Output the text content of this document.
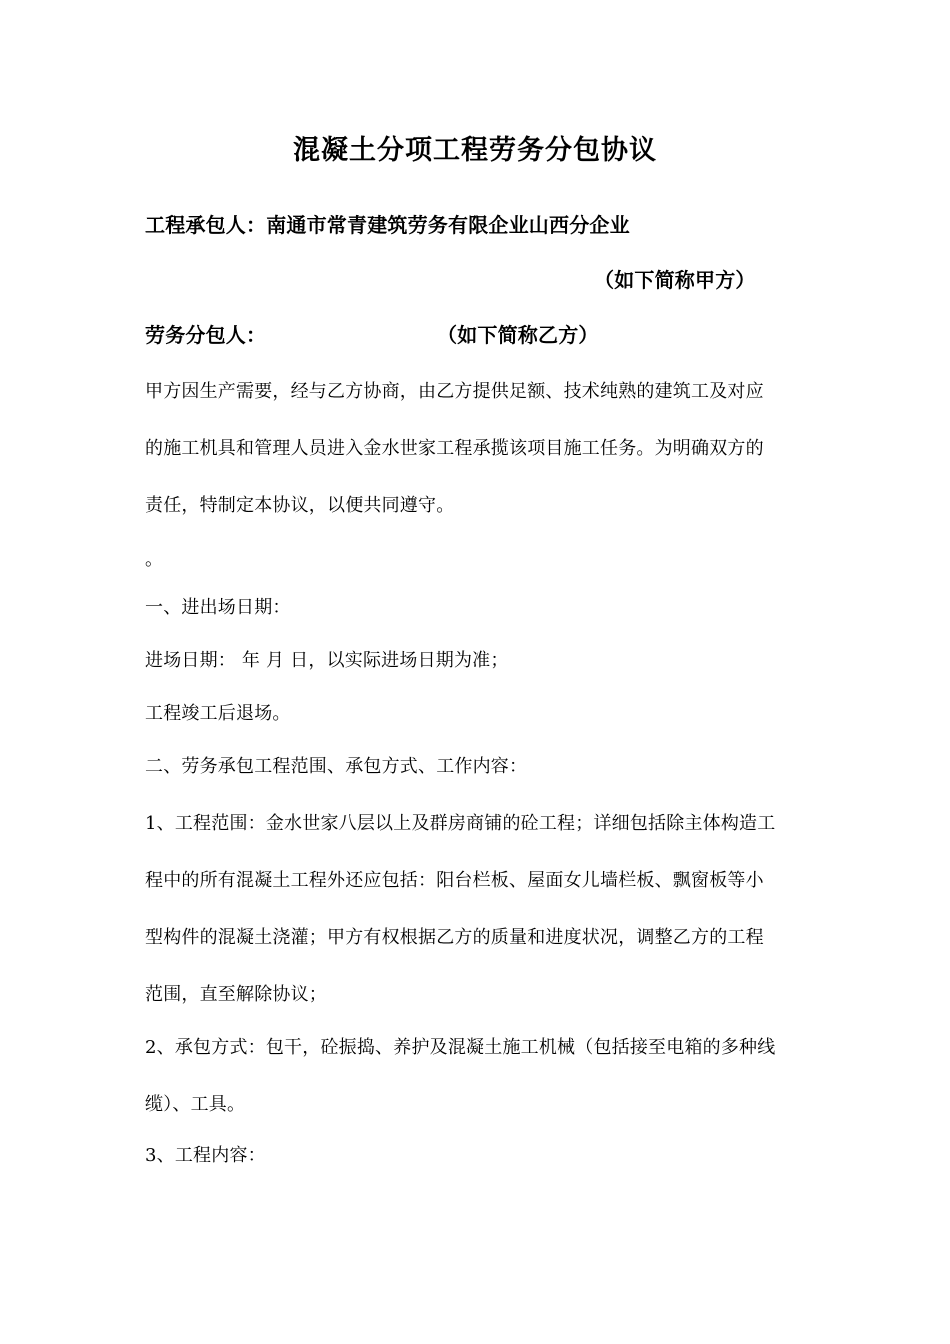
混凝土分项工程劳务分包协议
工程承包人：南通市常青建筑劳务有限企业山西分企业
（如下简称甲方）
劳务分包人：	（如下简称乙方）
甲方因生产需要，经与乙方协商，由乙方提供足额、技术纯熟的建筑工及对应
的施工机具和管理人员进入金水世家工程承揽该项目施工任务。为明确双方的
责任，特制定本协议，以便共同遵守。
。
一、进出场日期：
进场日期： 年 月 日，以实际进场日期为准；
工程竣工后退场。
二、劳务承包工程范围、承包方式、工作内容：
1、工程范围：金水世家八层以上及群房商铺的砼工程；详细包括除主体构造工
程中的所有混凝土工程外还应包括：阳台栏板、屋面女儿墙栏板、飘窗板等小
型构件的混凝土浇灌；甲方有权根据乙方的质量和进度状况，调整乙方的工程
范围，直至解除协议；
2、承包方式：包干，砼振捣、养护及混凝土施工机械（包括接至电箱的多种线
缆）、工具。
3、工程内容：
